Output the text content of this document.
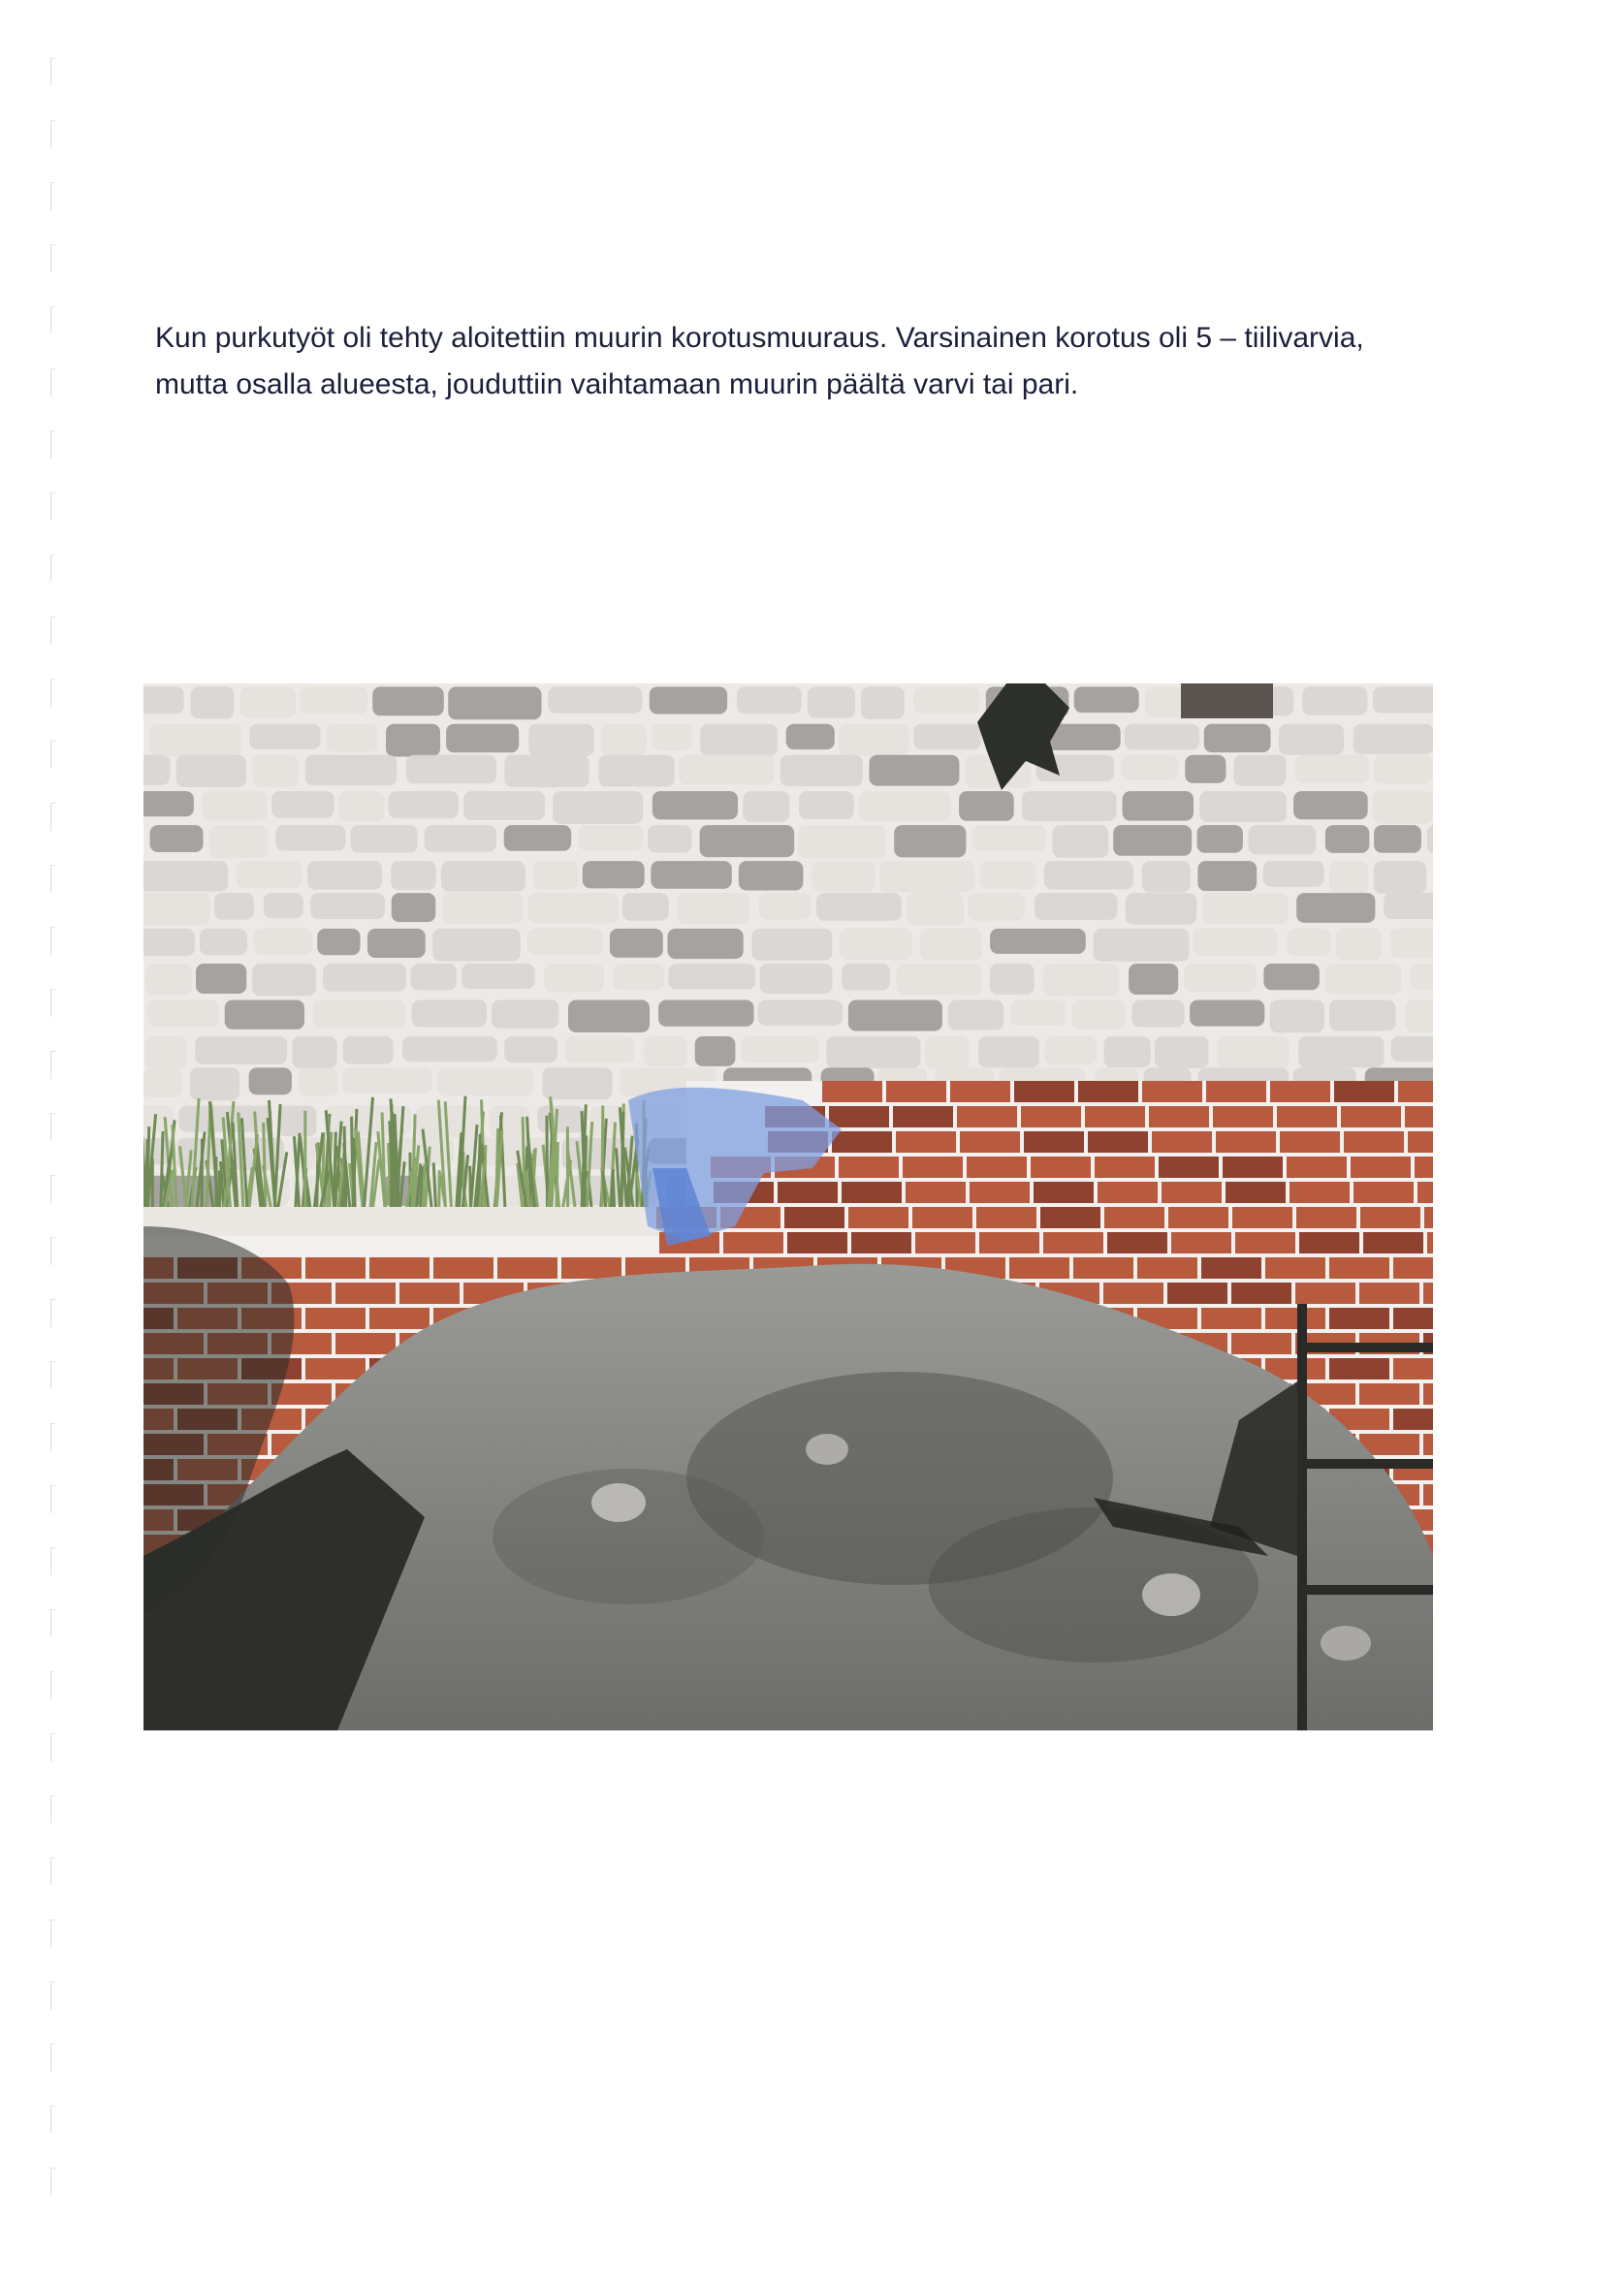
Kun purkutyöt oli tehty aloitettiin muurin korotusmuuraus. Varsinainen korotus oli 5 – tiilivarvia,

mutta osalla alueesta, jouduttiin vaihtamaan muurin päältä varvi tai pari.
